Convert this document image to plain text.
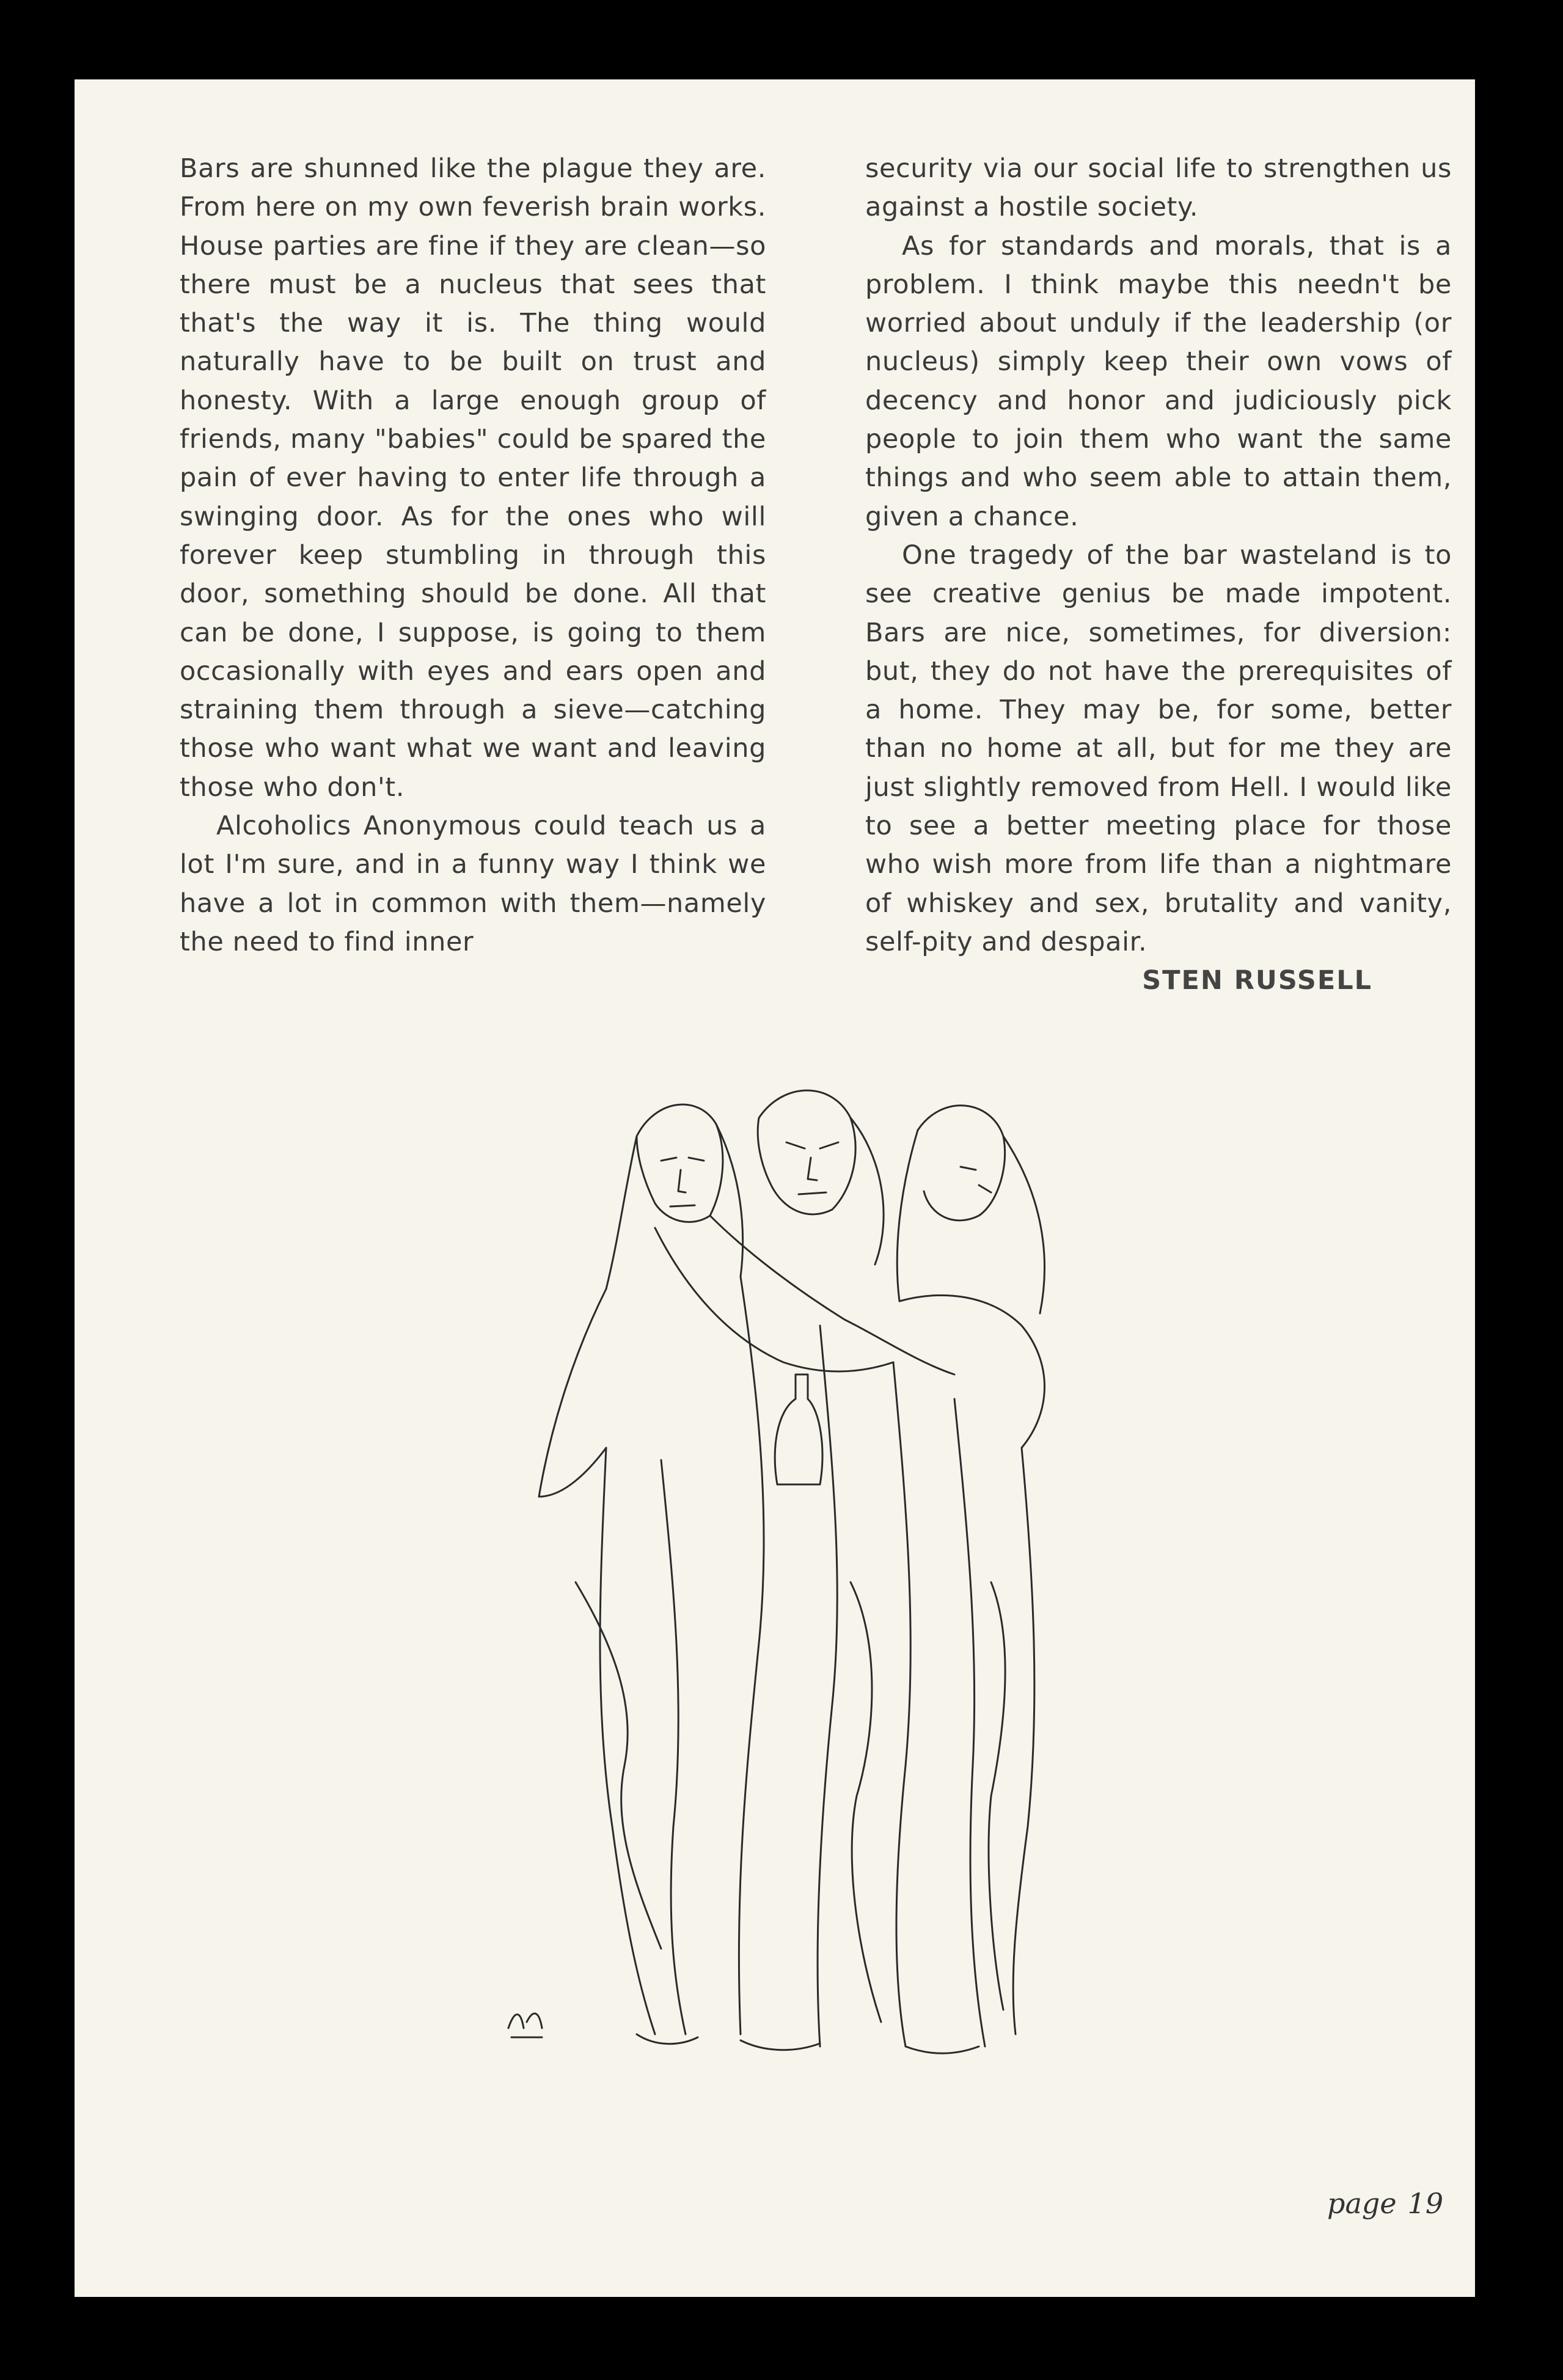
Bars are shunned like the plague they are. From here on my own feverish brain works. House parties are fine if they are clean—so there must be a nucleus that sees that that's the way it is. The thing would naturally have to be built on trust and honesty. With a large enough group of friends, many "babies" could be spared the pain of ever having to enter life through a swinging door. As for the ones who will forever keep stumbling in through this door, something should be done. All that can be done, I suppose, is going to them occasionally with eyes and ears open and straining them through a sieve—catching those who want what we want and leaving those who don't.

Alcoholics Anonymous could teach us a lot I'm sure, and in a funny way I think we have a lot in common with them—namely the need to find inner

security via our social life to strengthen us against a hostile society.

As for standards and morals, that is a problem. I think maybe this needn't be worried about unduly if the leadership (or nucleus) simply keep their own vows of decency and honor and judiciously pick people to join them who want the same things and who seem able to attain them, given a chance.

One tragedy of the bar wasteland is to see creative genius be made impotent. Bars are nice, sometimes, for diversion: but, they do not have the prerequisites of a home. They may be, for some, better than no home at all, but for me they are just slightly removed from Hell. I would like to see a better meeting place for those who wish more from life than a nightmare of whiskey and sex, brutality and vanity, self-pity and despair.

STEN RUSSELL
page 19
